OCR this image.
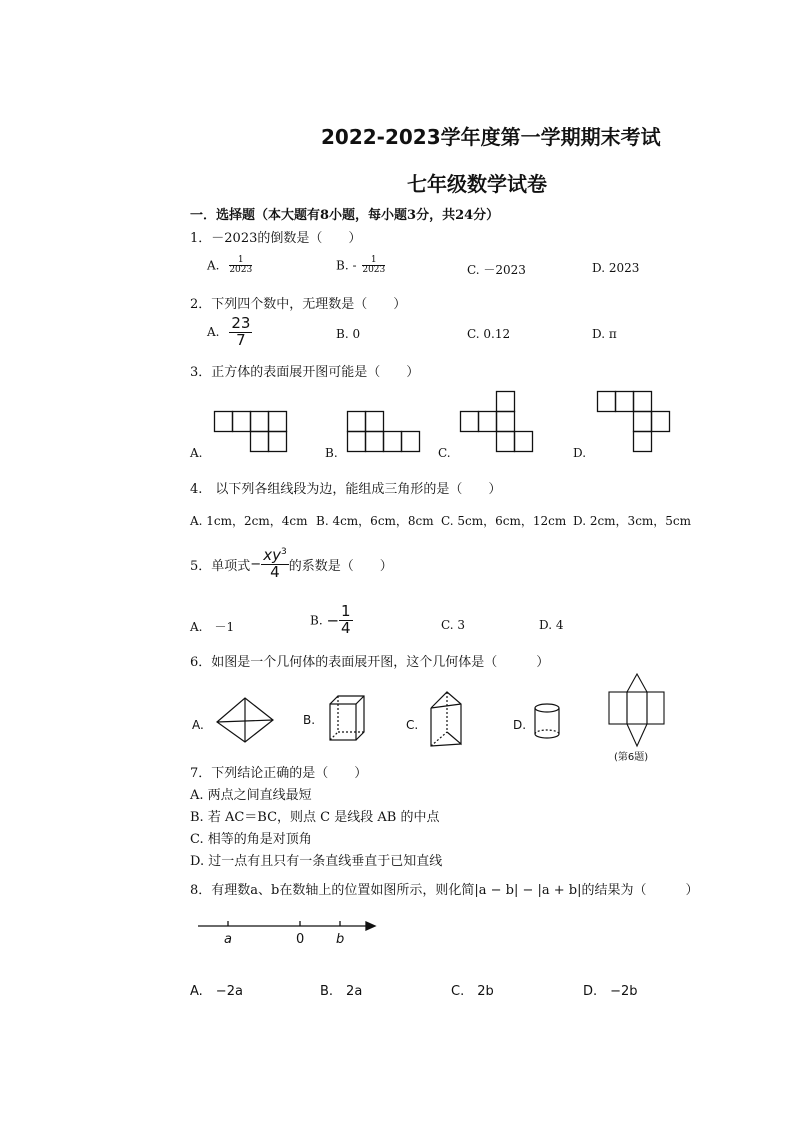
2022-2023学年度第一学期期末考试
七年级数学试卷
一．选择题（本大题有8小题，每小题3分，共24分）
1．－2023的倒数是（　　）
A. $\frac{1}{2023}$	B. - $\frac{1}{2023}$	C. －2023	D. 2023
2．下列四个数中，无理数是（　　）
A. $\frac{23}{7}$	B. 0	C. 0.12	D. π
3．正方体的表面展开图可能是（　　）
A.	B.	C.	D.
4.　以下列各组线段为边，能组成三角形的是（　　）
A. 1cm，2cm，4cm B. 4cm，6cm，8cm C. 5cm，6cm，12cm D. 2cm，3cm，5cm
5．单项式− $\frac{xy^3}{4}$ 的系数是（　　）
A.　－1	B. − $\frac{1}{4}$	C. 3	D. 4
6．如图是一个几何体的表面展开图，这个几何体是（　　　）
A.	B.	C.	D.
(第6题)
7．下列结论正确的是（　　）
A. 两点之间直线最短
B. 若 AC＝BC，则点 C 是线段 AB 的中点
C. 相等的角是对顶角
D. 过一点有且只有一条直线垂直于已知直线
8．有理数a、b在数轴上的位置如图所示，则化简|a − b| − |a + b|的结果为（　　　）
a	0 b
A.　−2a	B.　2a	C.　2b	D.　−2b
